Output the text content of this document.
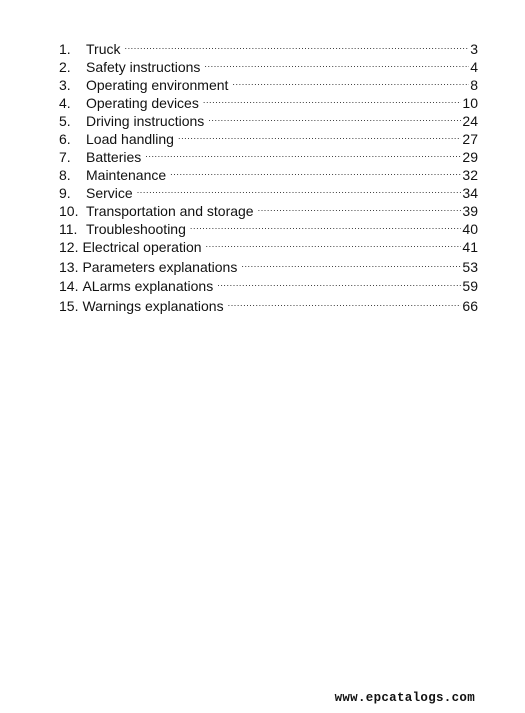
1.	Truck .....	3
2.	Safety instructions .....	4
3.	Operating environment .....	8
4.	Operating devices .....	10
5.	Driving instructions .....	24
6.	Load handling .....	27
7.	Batteries .....	29
8.	Maintenance .....	32
9.	Service .....	34
10. Transportation and storage .....	39
11. Troubleshooting .....	40
12. Electrical operation .....	41
13. Parameters explanations .....	53
14. ALarms explanations .....	59
15. Warnings explanations .....	66
www.epcatalogs.com
